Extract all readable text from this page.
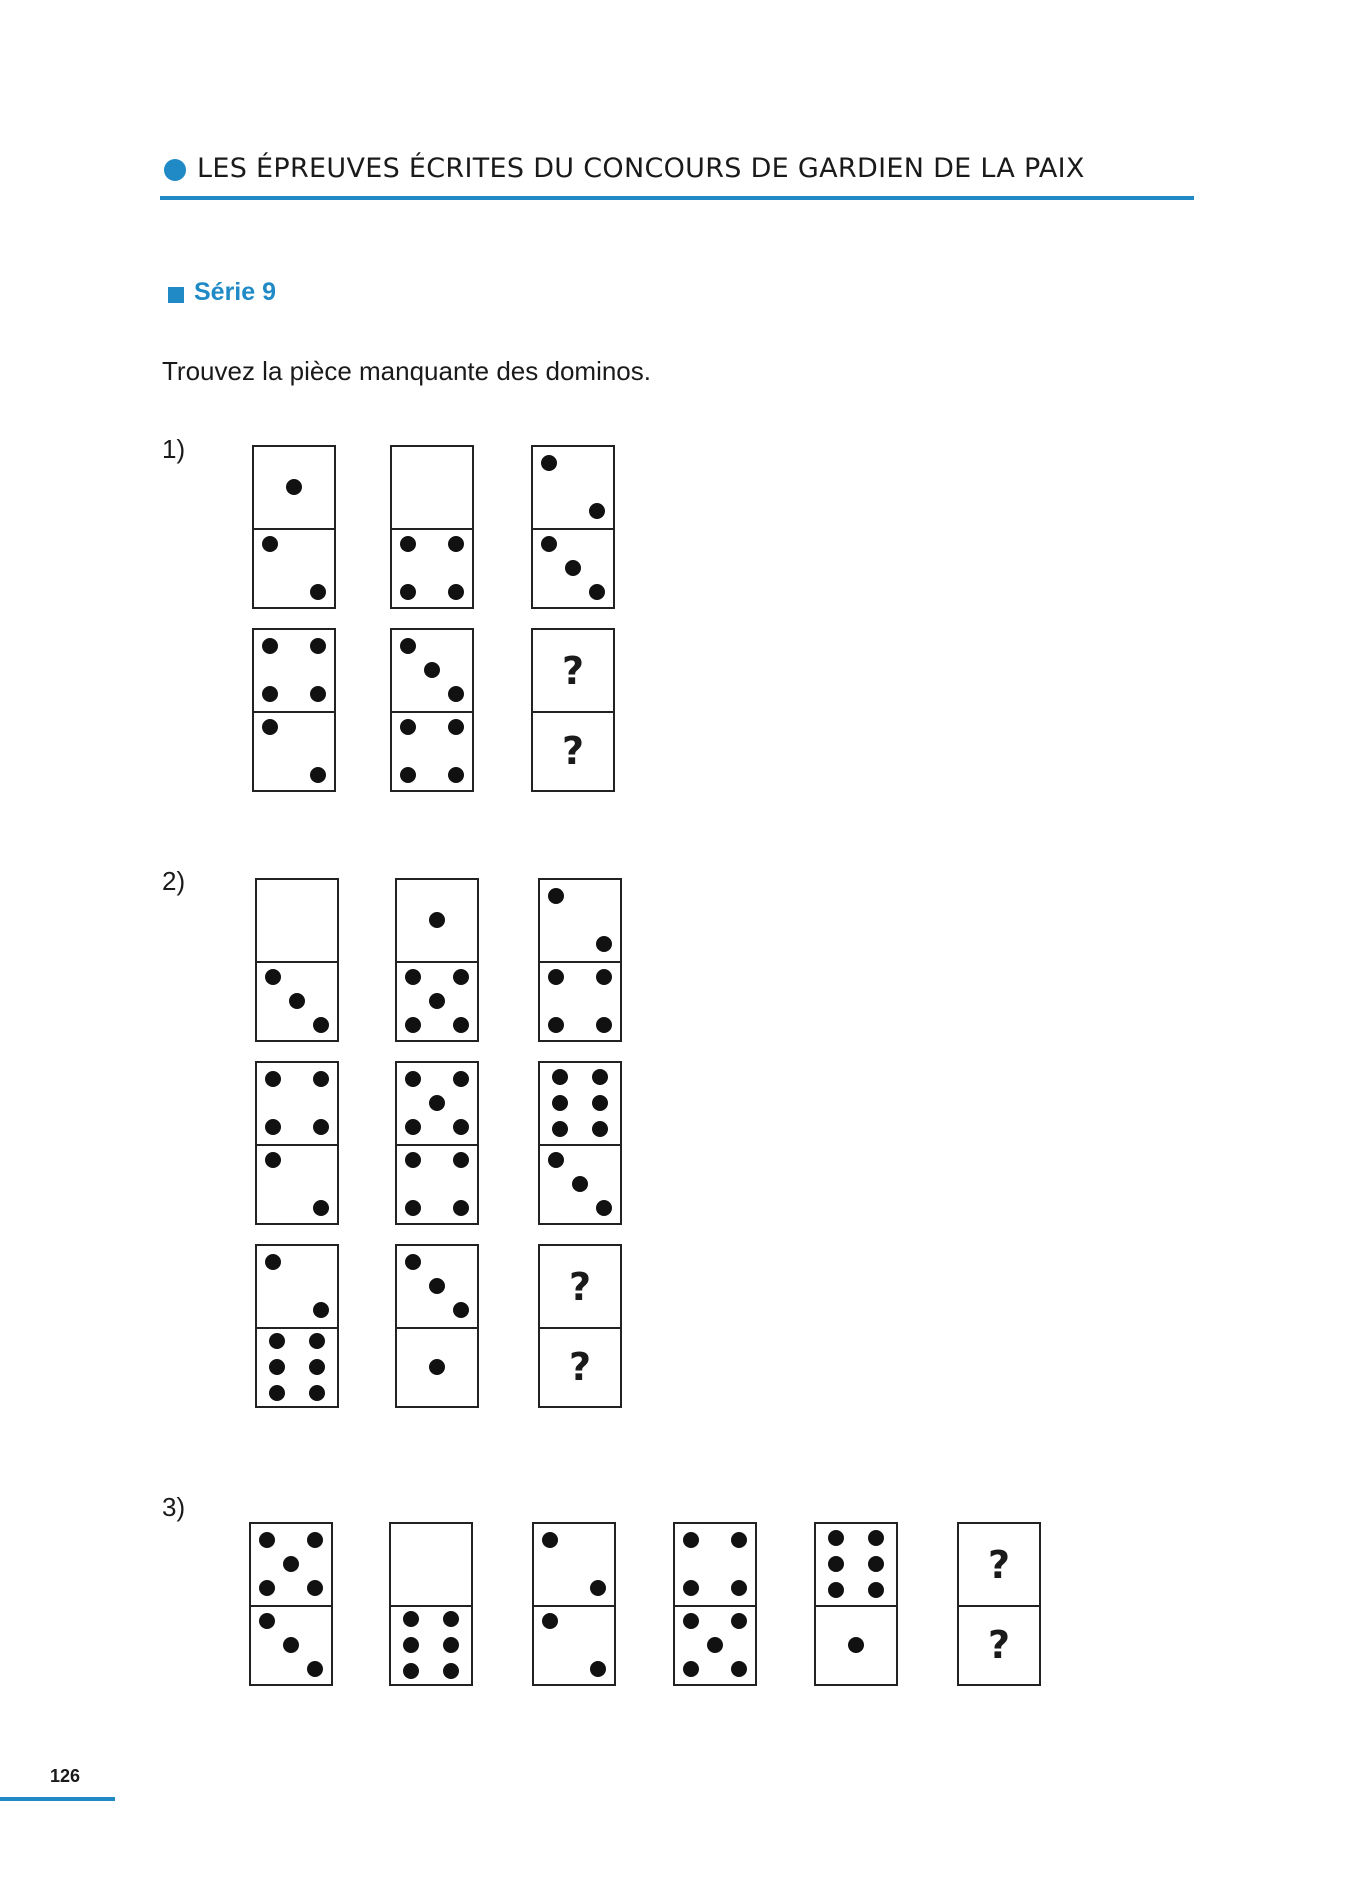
LES ÉPREUVES ÉCRITES DU CONCOURS DE GARDIEN DE LA PAIX
Série 9
Trouvez la pièce manquante des dominos.
1)
2)
3)
?
?
?
?
?
?
126
